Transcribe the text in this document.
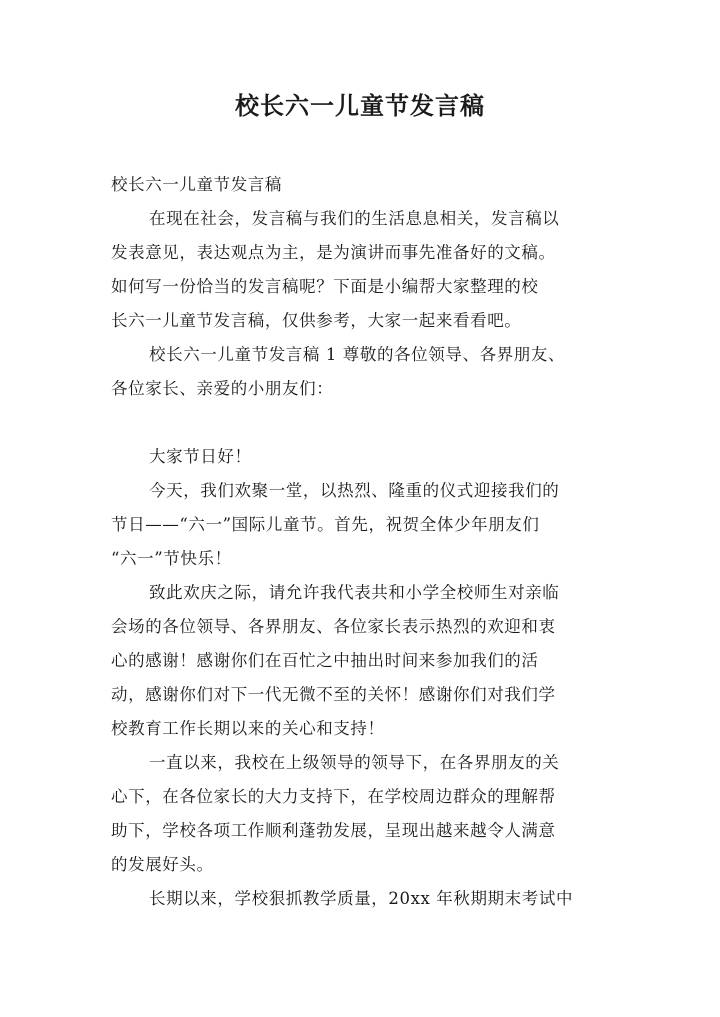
校长六一儿童节发言稿
校长六一儿童节发言稿
在现在社会，发言稿与我们的生活息息相关，发言稿以
发表意见，表达观点为主，是为演讲而事先准备好的文稿。
如何写一份恰当的发言稿呢？下面是小编帮大家整理的校
长六一儿童节发言稿，仅供参考，大家一起来看看吧。
校长六一儿童节发言稿 1 尊敬的各位领导、各界朋友、
各位家长、亲爱的小朋友们：
大家节日好！
今天，我们欢聚一堂，以热烈、隆重的仪式迎接我们的
节日——“六一”国际儿童节。首先，祝贺全体少年朋友们
“六一”节快乐！
致此欢庆之际，请允许我代表共和小学全校师生对亲临
会场的各位领导、各界朋友、各位家长表示热烈的欢迎和衷
心的感谢！感谢你们在百忙之中抽出时间来参加我们的活
动，感谢你们对下一代无微不至的关怀！感谢你们对我们学
校教育工作长期以来的关心和支持！
一直以来，我校在上级领导的领导下，在各界朋友的关
心下，在各位家长的大力支持下，在学校周边群众的理解帮
助下，学校各项工作顺利蓬勃发展，呈现出越来越令人满意
的发展好头。
长期以来，学校狠抓教学质量，20xx 年秋期期末考试中
